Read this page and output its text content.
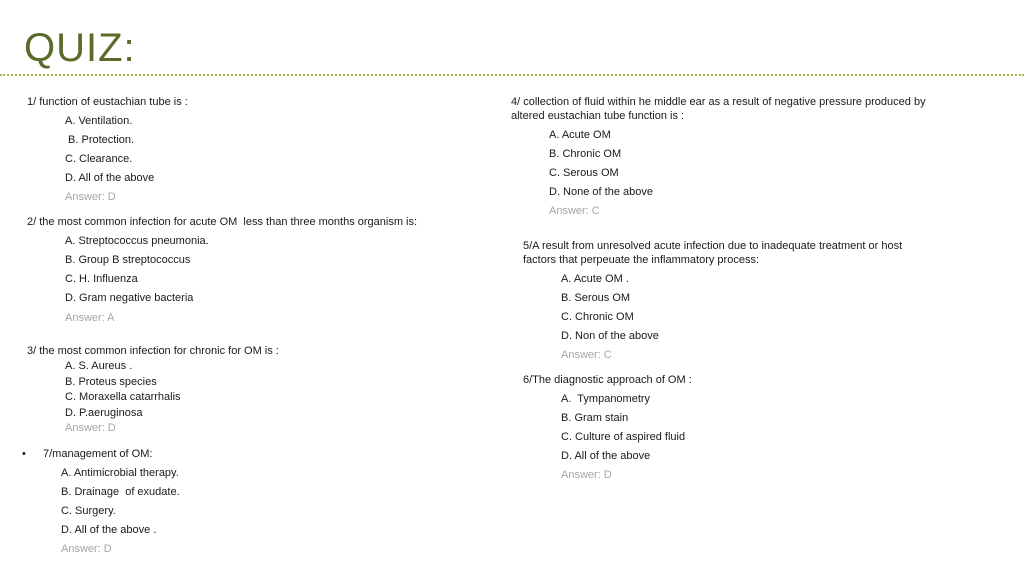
QUIZ:
1/ function of eustachian tube is :
A. Ventilation.
B. Protection.
C. Clearance.
D. All of the above
Answer: D
2/ the most common infection for acute OM  less than three months organism is:
A. Streptococcus pneumonia.
B. Group B streptococcus
C. H. Influenza
D. Gram negative bacteria
Answer: A
3/ the most common infection for chronic for OM is :
A. S. Aureus .
B. Proteus species
C. Moraxella catarrhalis
D. P.aeruginosa
Answer: D
• 7/management of OM:
A. Antimicrobial therapy.
B. Drainage  of exudate.
C. Surgery.
D. All of the above .
Answer: D
4/ collection of fluid within he middle ear as a result of negative pressure produced by
altered eustachian tube function is :
A. Acute OM
B. Chronic OM
C. Serous OM
D. None of the above
Answer: C
5/A result from unresolved acute infection due to inadequate treatment or host
factors that perpeuate the inflammatory process:
A. Acute OM .
B. Serous OM
C. Chronic OM
D. Non of the above
Answer: C
6/The diagnostic approach of OM :
A.  Tympanometry
B. Gram stain
C. Culture of aspired fluid
D. All of the above
Answer: D
